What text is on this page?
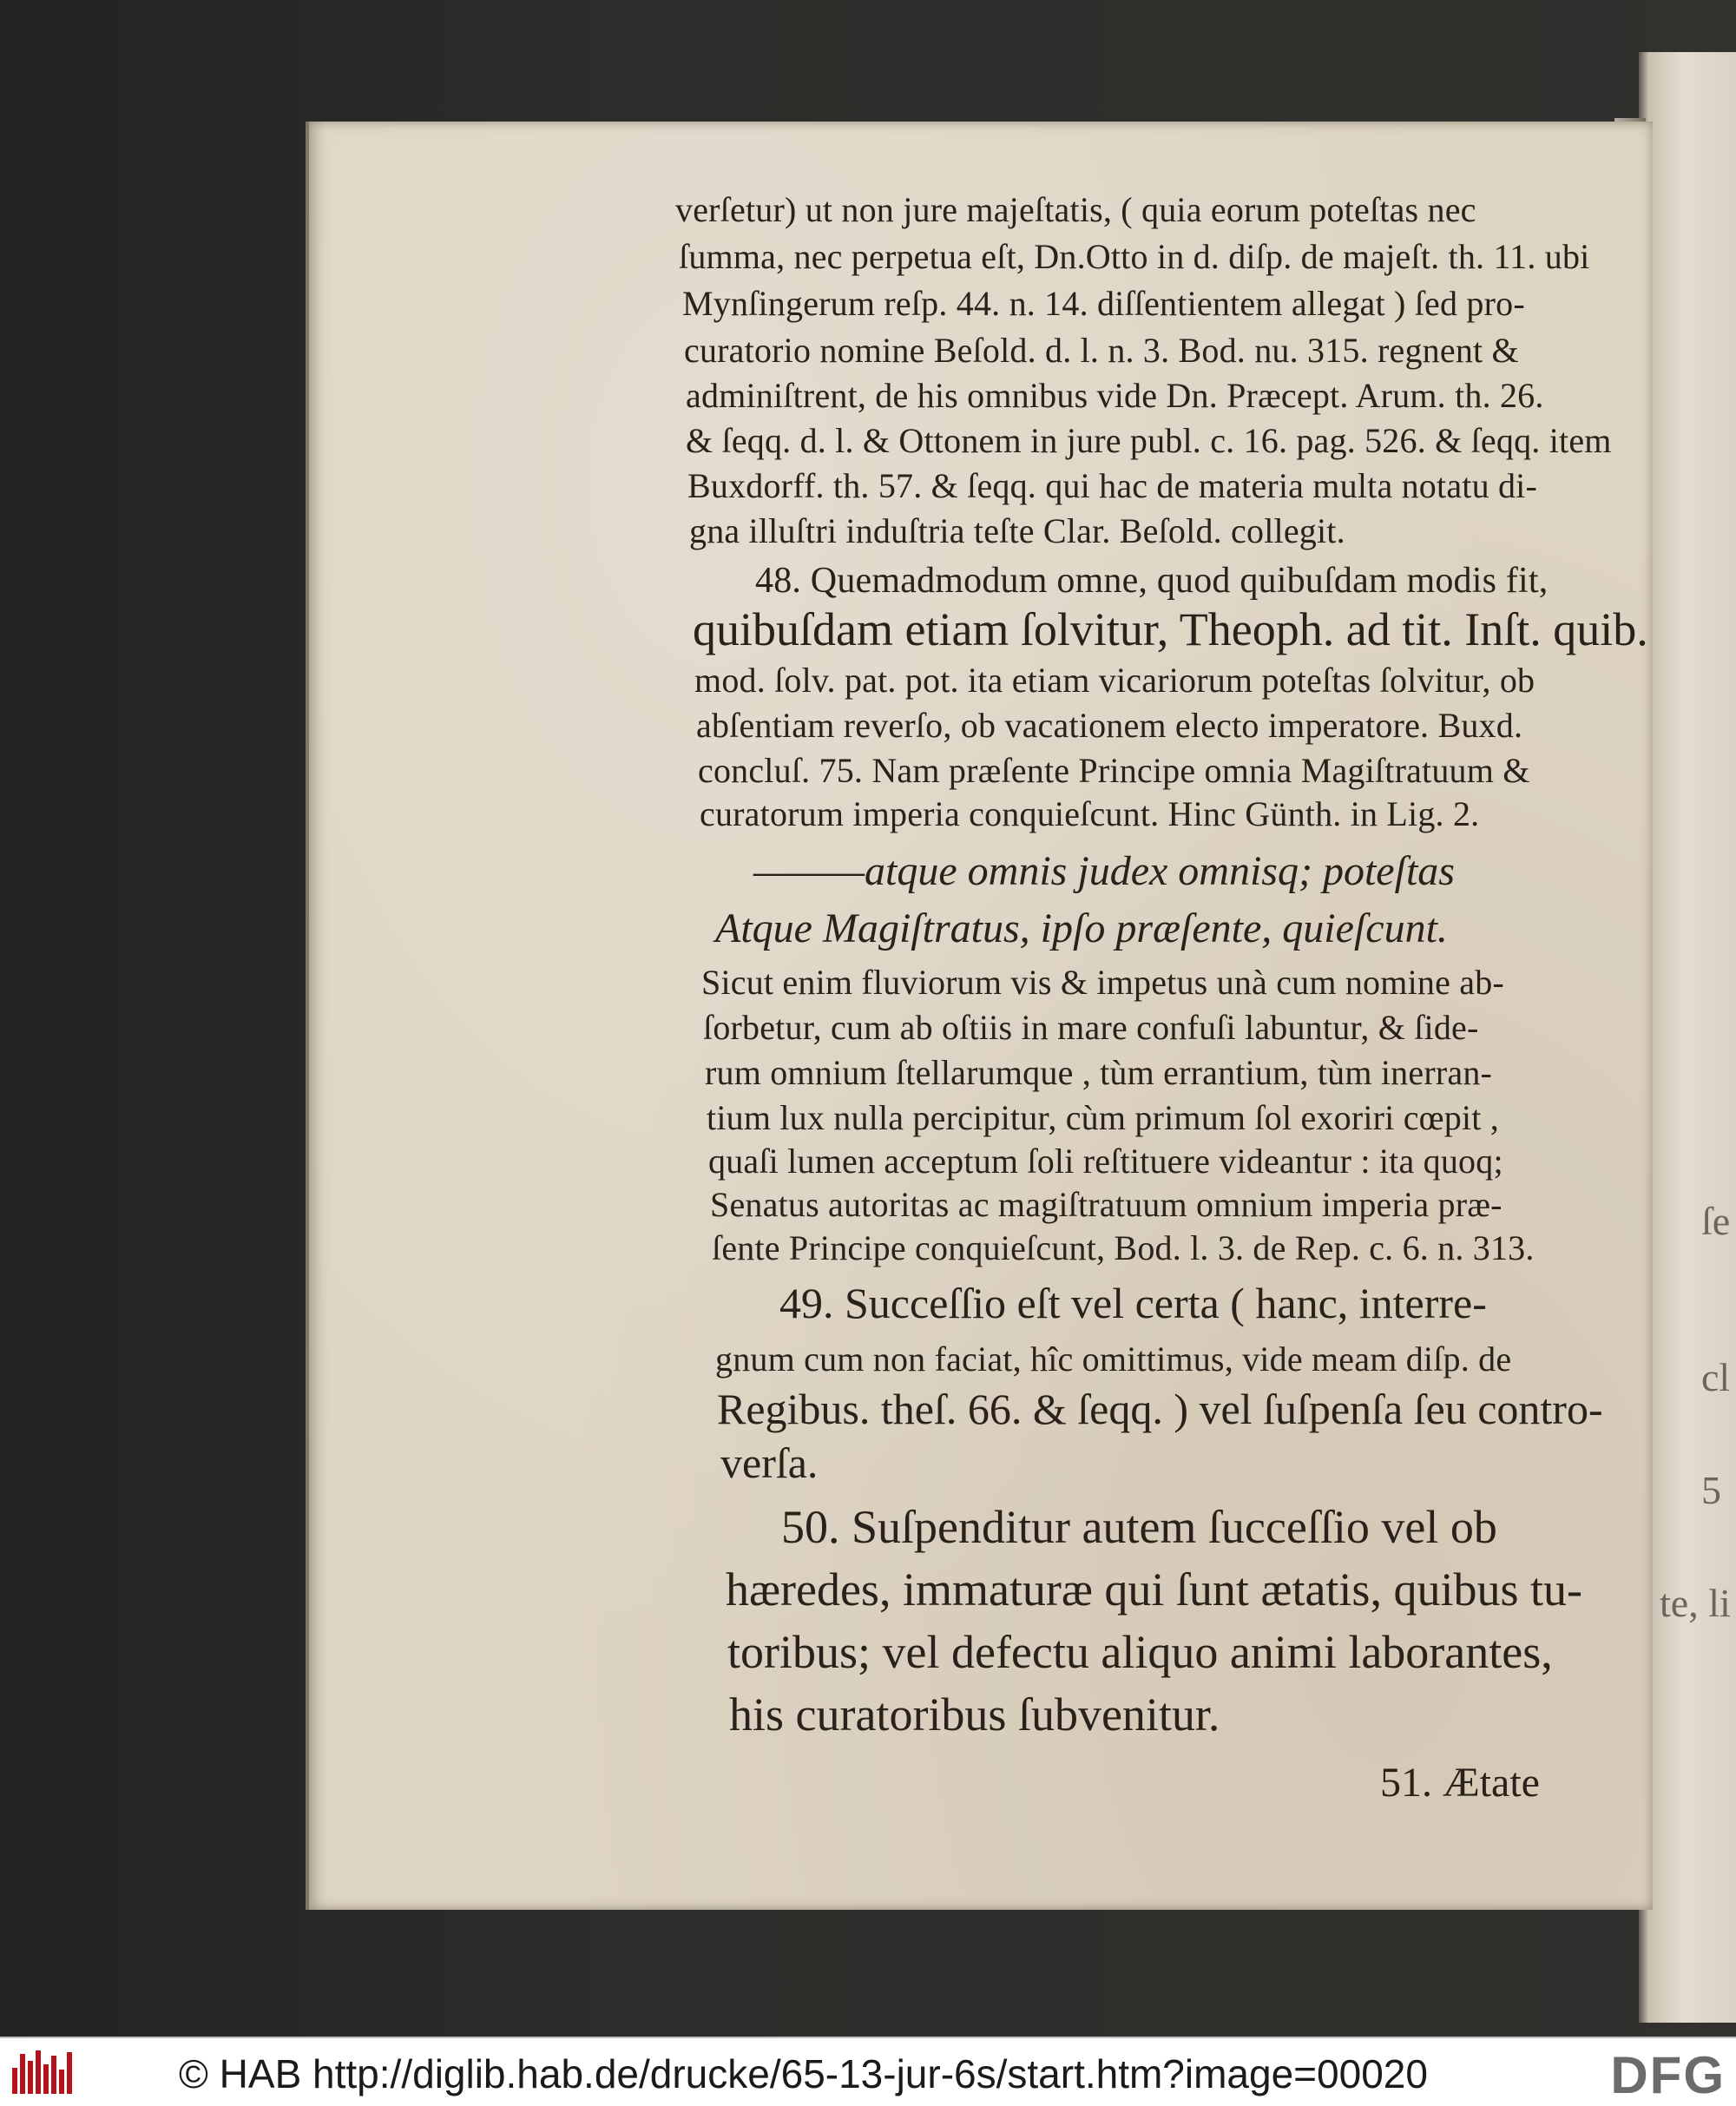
ſe
cl
5
te, li
verſetur) ut non jure majeſtatis, ( quia eorum poteſtas nec
ſumma, nec perpetua eſt, Dn.Otto in d. diſp. de majeſt. th. 11. ubi
Mynſingerum reſp. 44. n. 14. diſſentientem allegat ) ſed pro-
curatorio nomine Beſold. d. l. n. 3. Bod. nu. 315. regnent &
adminiſtrent, de his omnibus vide Dn. Præcept. Arum. th. 26.
& ſeqq. d. l. & Ottonem in jure publ. c. 16. pag. 526. & ſeqq. item
Buxdorff. th. 57. & ſeqq. qui hac de materia multa notatu di-
gna illuſtri induſtria teſte Clar. Beſold. collegit.
48. Quemadmodum omne, quod quibuſdam modis fit,
quibuſdam etiam ſolvitur, Theoph. ad tit. Inſt. quib.
mod. ſolv. pat. pot. ita etiam vicariorum poteſtas ſolvitur, ob
abſentiam reverſo, ob vacationem electo imperatore. Buxd.
concluſ. 75. Nam præſente Principe omnia Magiſtratuum &
curatorum imperia conquieſcunt. Hinc Günth. in Lig. 2.
———atque omnis judex omnisq; poteſtas
Atque Magiſtratus, ipſo præſente, quieſcunt.
Sicut enim fluviorum vis & impetus unà cum nomine ab-
ſorbetur, cum ab oſtiis in mare confuſi labuntur, & ſide-
rum omnium ſtellarumque , tùm errantium, tùm inerran-
tium lux nulla percipitur, cùm primum ſol exoriri cœpit ,
quaſi lumen acceptum ſoli reſtituere videantur : ita quoq;
Senatus autoritas ac magiſtratuum omnium imperia præ-
ſente Principe conquieſcunt, Bod. l. 3. de Rep. c. 6. n. 313.
49. Succeſſio eſt vel certa ( hanc, interre-
gnum cum non faciat, hîc omittimus, vide meam diſp. de
Regibus. theſ. 66. & ſeqq. ) vel ſuſpenſa ſeu contro-
verſa.
50. Suſpenditur autem ſucceſſio vel ob
hæredes, immaturæ qui ſunt ætatis, quibus tu-
toribus; vel defectu aliquo animi laborantes,
his curatoribus ſubvenitur.
51. Ætate
© HAB http://diglib.hab.de/drucke/65-13-jur-6s/start.htm?image=00020	DFG
